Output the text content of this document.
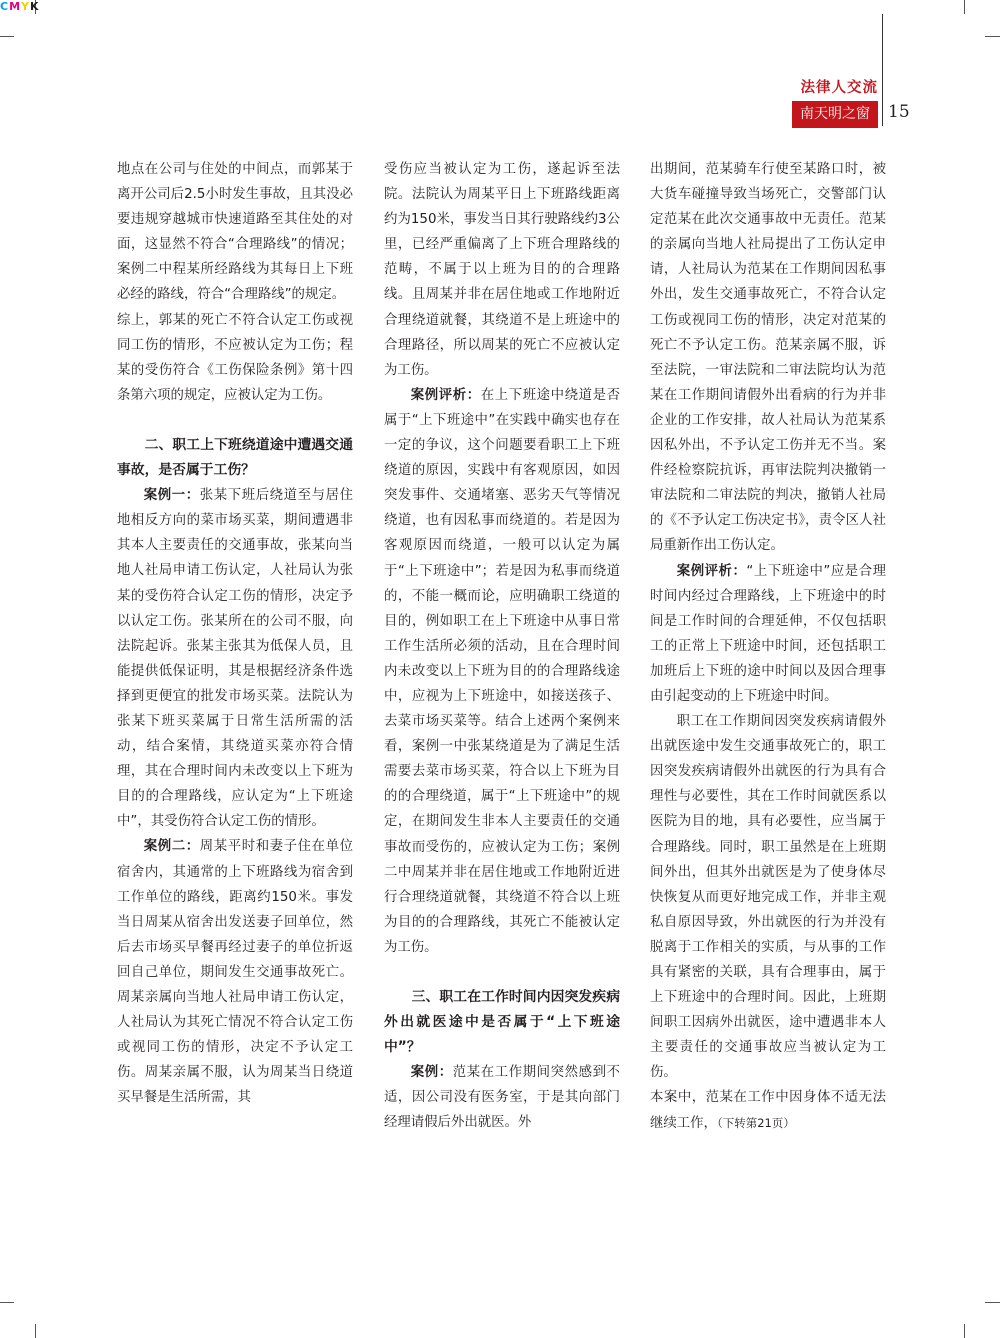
CMYK
法律人交流
南天明之窗	15

地点在公司与住处的中间点，而郭某于离开公司后2.5小时发生事故，且其没必要违规穿越城市快速道路至其住处的对面，这显然不符合“合理路线”的情况；案例二中程某所经路线为其每日上下班必经的路线，符合“合理路线”的规定。

综上，郭某的死亡不符合认定工伤或视同工伤的情形，不应被认定为工伤；程某的受伤符合《工伤保险条例》第十四条第六项的规定，应被认定为工伤。

二、职工上下班绕道途中遭遇交通事故，是否属于工伤？

案例一：张某下班后绕道至与居住地相反方向的菜市场买菜，期间遭遇非其本人主要责任的交通事故，张某向当地人社局申请工伤认定，人社局认为张某的受伤符合认定工伤的情形，决定予以认定工伤。张某所在的公司不服，向法院起诉。张某主张其为低保人员，且能提供低保证明，其是根据经济条件选择到更便宜的批发市场买菜。法院认为张某下班买菜属于日常生活所需的活动，结合案情，其绕道买菜亦符合情理，其在合理时间内未改变以上下班为目的的合理路线，应认定为“上下班途中”，其受伤符合认定工伤的情形。

案例二：周某平时和妻子住在单位宿舍内，其通常的上下班路线为宿舍到工作单位的路线，距离约150米。事发当日周某从宿舍出发送妻子回单位，然后去市场买早餐再经过妻子的单位折返回自己单位，期间发生交通事故死亡。周某亲属向当地人社局申请工伤认定，人社局认为其死亡情况不符合认定工伤或视同工伤的情形，决定不予认定工伤。周某亲属不服，认为周某当日绕道买早餐是生活所需，其

受伤应当被认定为工伤，遂起诉至法院。法院认为周某平日上下班路线距离约为150米，事发当日其行驶路线约3公里，已经严重偏离了上下班合理路线的范畴，不属于以上班为目的的合理路线。且周某并非在居住地或工作地附近合理绕道就餐，其绕道不是上班途中的合理路径，所以周某的死亡不应被认定为工伤。

案例评析：在上下班途中绕道是否属于“上下班途中”在实践中确实也存在一定的争议，这个问题要看职工上下班绕道的原因，实践中有客观原因，如因突发事件、交通堵塞、恶劣天气等情况绕道，也有因私事而绕道的。若是因为客观原因而绕道，一般可以认定为属于“上下班途中”；若是因为私事而绕道的，不能一概而论，应明确职工绕道的目的，例如职工在上下班途中从事日常工作生活所必须的活动，且在合理时间内未改变以上下班为目的的合理路线途中，应视为上下班途中，如接送孩子、去菜市场买菜等。结合上述两个案例来看，案例一中张某绕道是为了满足生活需要去菜市场买菜，符合以上下班为目的的合理绕道，属于“上下班途中”的规定，在期间发生非本人主要责任的交通事故而受伤的，应被认定为工伤；案例二中周某并非在居住地或工作地附近进行合理绕道就餐，其绕道不符合以上班为目的的合理路线，其死亡不能被认定为工伤。

三、职工在工作时间内因突发疾病外出就医途中是否属于“上下班途中”？

案例：范某在工作期间突然感到不适，因公司没有医务室，于是其向部门经理请假后外出就医。外

出期间，范某骑车行使至某路口时，被大货车碰撞导致当场死亡，交警部门认定范某在此次交通事故中无责任。范某的亲属向当地人社局提出了工伤认定申请，人社局认为范某在工作期间因私事外出，发生交通事故死亡，不符合认定工伤或视同工伤的情形，决定对范某的死亡不予认定工伤。范某亲属不服，诉至法院，一审法院和二审法院均认为范某在工作期间请假外出看病的行为并非企业的工作安排，故人社局认为范某系因私外出，不予认定工伤并无不当。案件经检察院抗诉，再审法院判决撤销一审法院和二审法院的判决，撤销人社局的《不予认定工伤决定书》，责令区人社局重新作出工伤认定。

案例评析：“上下班途中”应是合理时间内经过合理路线，上下班途中的时间是工作时间的合理延伸，不仅包括职工的正常上下班途中时间，还包括职工加班后上下班的途中时间以及因合理事由引起变动的上下班途中时间。

职工在工作期间因突发疾病请假外出就医途中发生交通事故死亡的，职工因突发疾病请假外出就医的行为具有合理性与必要性，其在工作时间就医系以医院为目的地，具有必要性，应当属于合理路线。同时，职工虽然是在上班期间外出，但其外出就医是为了使身体尽快恢复从而更好地完成工作，并非主观私自原因导致，外出就医的行为并没有脱离于工作相关的实质，与从事的工作具有紧密的关联，具有合理事由，属于上下班途中的合理时间。因此，上班期间职工因病外出就医，途中遭遇非本人主要责任的交通事故应当被认定为工伤。

本案中，范某在工作中因身体不适无法继续工作，（下转第21页）
